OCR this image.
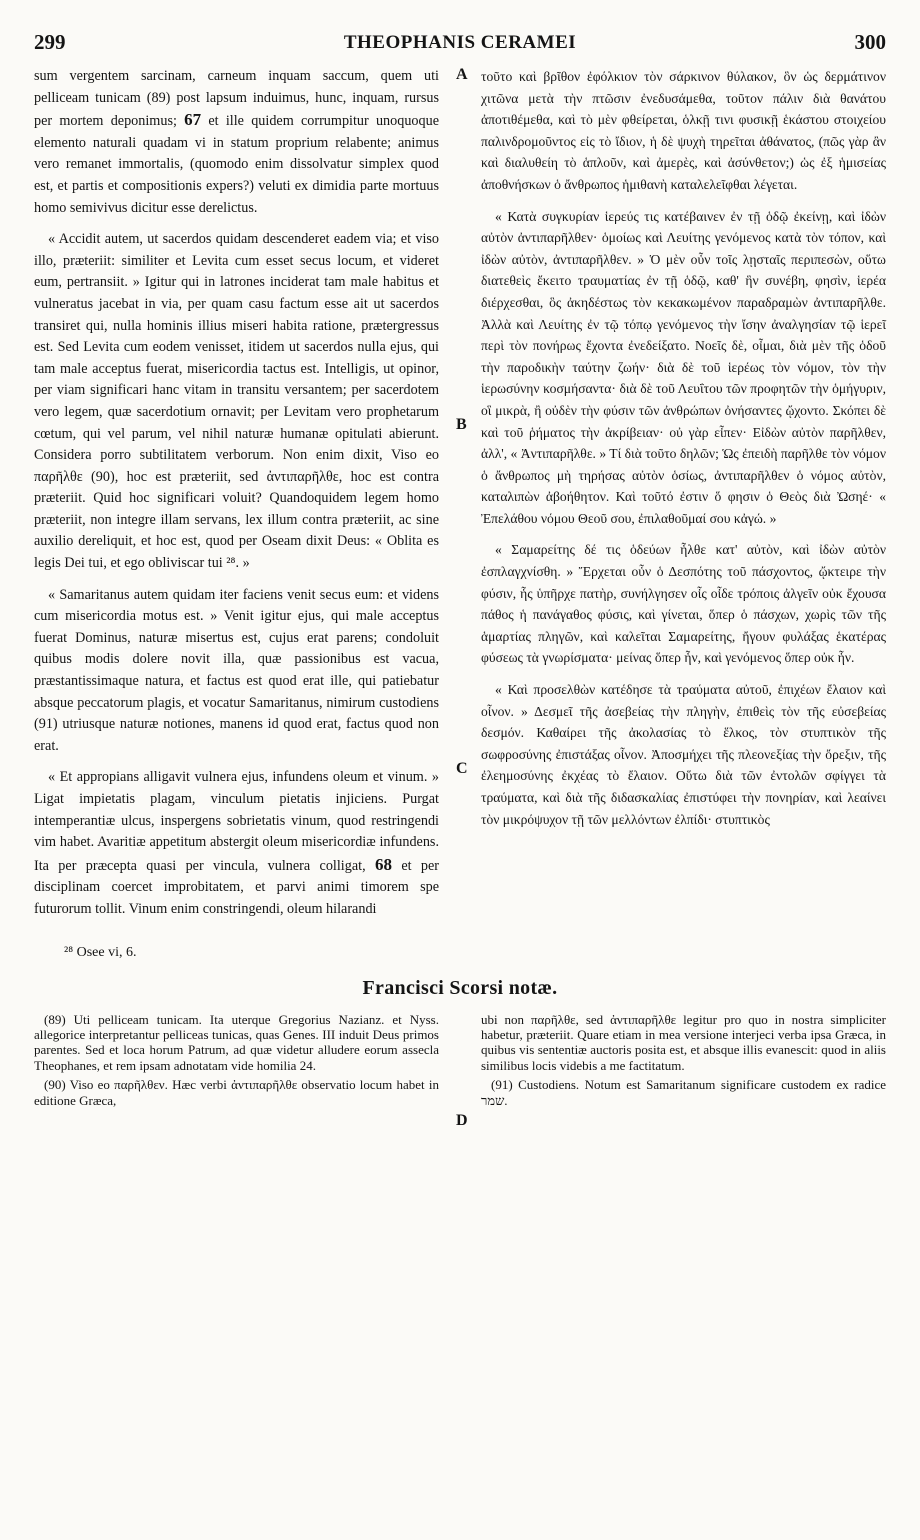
299	THEOPHANIS CERAMEI	300
A
B
C
D

sum vergentem sarcinam, carneum inquam saccum, quem uti pelliceam tunicam (89) post lapsum induimus, hunc, inquam, rursus per mortem deponimus; 67 et ille quidem corrumpitur unoquoque elemento naturali quadam vi in statum proprium relabente; animus vero remanet immortalis, (quomodo enim dissolvatur simplex quod est, et partis et compositionis expers?) veluti ex dimidia parte mortuus homo semivivus dicitur esse derelictus.

« Accidit autem, ut sacerdos quidam descenderet eadem via; et viso illo, præteriit: similiter et Levita cum esset secus locum, et videret eum, pertransiit. » Igitur qui in latrones inciderat tam male habitus et vulneratus jacebat in via, per quam casu factum esse ait ut sacerdos transiret qui, nulla hominis illius miseri habita ratione, prætergressus est. Sed Levita cum eodem venisset, itidem ut sacerdos nulla ejus, qui tam male acceptus fuerat, misericordia tactus est. Intelligis, ut opinor, per viam significari hanc vitam in transitu versantem; per sacerdotem vero legem, quæ sacerdotium ornavit; per Levitam vero prophetarum cœtum, qui vel parum, vel nihil naturæ humanæ opitulati abierunt. Considera porro subtilitatem verborum. Non enim dixit, Viso eo παρῆλθε (90), hoc est præteriit, sed ἀντιπαρῆλθε, hoc est contra præteriit. Quid hoc significari voluit? Quandoquidem legem homo præteriit, non integre illam servans, lex illum contra præteriit, ac sine auxilio dereliquit, et hoc est, quod per Oseam dixit Deus: « Oblita es legis Dei tui, et ego obliviscar tui ²⁸. »

« Samaritanus autem quidam iter faciens venit secus eum: et videns cum misericordia motus est. » Venit igitur ejus, qui male acceptus fuerat Dominus, naturæ misertus est, cujus erat parens; condoluit quibus modis dolere novit illa, quæ passionibus est vacua, præstantissimaque natura, et factus est quod erat ille, qui patiebatur absque peccatorum plagis, et vocatur Samaritanus, nimirum custodiens (91) utriusque naturæ notiones, manens id quod erat, factus quod non erat.

« Et appropians alligavit vulnera ejus, infundens oleum et vinum. » Ligat impietatis plagam, vinculum pietatis injiciens. Purgat intemperantiæ ulcus, inspergens sobrietatis vinum, quod restringendi vim habet. Avaritiæ appetitum abstergit oleum misericordiæ infundens. Ita per præcepta quasi per vincula, vulnera colligat, 68 et per disciplinam coercet improbitatem, et parvi animi timorem spe futurorum tollit. Vinum enim constringendi, oleum hilarandi

τοῦτο καὶ βρῖθον ἐφόλκιον τὸν σάρκινον θύλακον, ὃν ὡς δερμάτινον χιτῶνα μετὰ τὴν πτῶσιν ἐνεδυσάμεθα, τοῦτον πάλιν διὰ θανάτου ἀποτιθέμεθα, καὶ τὸ μὲν φθείρεται, ὁλκῇ τινι φυσικῇ ἑκάστου στοιχείου παλινδρομοῦντος εἰς τὸ ἴδιον, ἡ δὲ ψυχὴ τηρεῖται ἀθάνατος, (πῶς γὰρ ἂν καὶ διαλυθείη τὸ ἁπλοῦν, καὶ ἀμερὲς, καὶ ἀσύνθετον;) ὡς ἐξ ἡμισείας ἀποθνήσκων ὁ ἄνθρωπος ἡμιθανὴ καταλελεῖφθαι λέγεται.

« Κατὰ συγκυρίαν ἱερεύς τις κατέβαινεν ἐν τῇ ὁδῷ ἐκείνῃ, καὶ ἰδὼν αὐτὸν ἀντιπαρῆλθεν· ὁμοίως καὶ Λευίτης γενόμενος κατὰ τὸν τόπον, καὶ ἰδὼν αὐτὸν, ἀντιπαρῆλθεν. » Ὁ μὲν οὖν τοῖς λῃσταῖς περιπεσὼν, οὕτω διατεθεὶς ἔκειτο τραυματίας ἐν τῇ ὁδῷ, καθ' ἣν συνέβη, φησὶν, ἱερέα διέρχεσθαι, ὃς ἀκηδέστως τὸν κεκακωμένον παραδραμὼν ἀντιπαρῆλθε. Ἀλλὰ καὶ Λευίτης ἐν τῷ τόπῳ γενόμενος τὴν ἴσην ἀναλγησίαν τῷ ἱερεῖ περὶ τὸν πονήρως ἔχοντα ἐνεδείξατο. Νοεῖς δὲ, οἶμαι, διὰ μὲν τῆς ὁδοῦ τὴν παροδικὴν ταύτην ζωήν· διὰ δὲ τοῦ ἱερέως τὸν νόμον, τὸν τὴν ἱερωσύνην κοσμήσαντα· διὰ δὲ τοῦ Λευΐτου τῶν προφητῶν τὴν ὁμήγυριν, οἳ μικρὰ, ἢ οὐδὲν τὴν φύσιν τῶν ἀνθρώπων ὀνήσαντες ᾤχοντο. Σκόπει δὲ καὶ τοῦ ῥήματος τὴν ἀκρίβειαν· οὐ γὰρ εἶπεν· Εἰδὼν αὐτὸν παρῆλθεν, ἀλλ', « Ἀντιπαρῆλθε. » Τί διὰ τοῦτο δηλῶν; Ὡς ἐπειδὴ παρῆλθε τὸν νόμον ὁ ἄνθρωπος μὴ τηρήσας αὐτὸν ὁσίως, ἀντιπαρῆλθεν ὁ νόμος αὐτὸν, καταλιπὼν ἀβοήθητον. Καὶ τοῦτό ἐστιν ὅ φησιν ὁ Θεὸς διὰ Ὠσηέ· « Ἐπελάθου νόμου Θεοῦ σου, ἐπιλαθοῦμαί σου κἀγώ. »

« Σαμαρείτης δέ τις ὁδεύων ἦλθε κατ' αὐτὸν, καὶ ἰδὼν αὐτὸν ἐσπλαγχνίσθη. » Ἔρχεται οὖν ὁ Δεσπότης τοῦ πάσχοντος, ᾤκτειρε τὴν φύσιν, ἧς ὑπῆρχε πατὴρ, συνήλγησεν οἷς οἶδε τρόποις ἀλγεῖν οὐκ ἔχουσα πάθος ἡ πανάγαθος φύσις, καὶ γίνεται, ὅπερ ὁ πάσχων, χωρὶς τῶν τῆς ἁμαρτίας πληγῶν, καὶ καλεῖται Σαμαρείτης, ἤγουν φυλάξας ἑκατέρας φύσεως τὰ γνωρίσματα· μείνας ὅπερ ἦν, καὶ γενόμενος ὅπερ οὐκ ἦν.

« Καὶ προσελθὼν κατέδησε τὰ τραύματα αὐτοῦ, ἐπιχέων ἔλαιον καὶ οἶνον. » Δεσμεῖ τῆς ἀσεβείας τὴν πληγὴν, ἐπιθεὶς τὸν τῆς εὐσεβείας δεσμόν. Καθαίρει τῆς ἀκολασίας τὸ ἕλκος, τὸν στυπτικὸν τῆς σωφροσύνης ἐπιστάξας οἶνον. Ἀποσμήχει τῆς πλεονεξίας τὴν ὄρεξιν, τῆς ἐλεημοσύνης ἐκχέας τὸ ἔλαιον. Οὕτω διὰ τῶν ἐντολῶν σφίγγει τὰ τραύματα, καὶ διὰ τῆς διδασκαλίας ἐπιστύφει τὴν πονηρίαν, καὶ λεαίνει τὸν μικρόψυχον τῇ τῶν μελλόντων ἐλπίδι· στυπτικὸς

²⁸ Osee vi, 6.
Francisci Scorsi notæ.

(89) Uti pelliceam tunicam. Ita uterque Gregorius Nazianz. et Nyss. allegorice interpretantur pelliceas tunicas, quas Genes. III induit Deus primos parentes. Sed et loca horum Patrum, ad quæ videtur alludere eorum assecla Theophanes, et rem ipsam adnotatam vide homilia 24.

(90) Viso eo παρῆλθεν. Hæc verbi ἀντιπαρῆλθε observatio locum habet in editione Græca,

ubi non παρῆλθε, sed ἀντιπαρῆλθε legitur pro quo in nostra simpliciter habetur, præteriit. Quare etiam in mea versione interjeci verba ipsa Græca, in quibus vis sententiæ auctoris posita est, et absque illis evanescit: quod in aliis similibus locis videbis a me factitatum.

(91) Custodiens. Notum est Samaritanum significare custodem ex radice שמר.
